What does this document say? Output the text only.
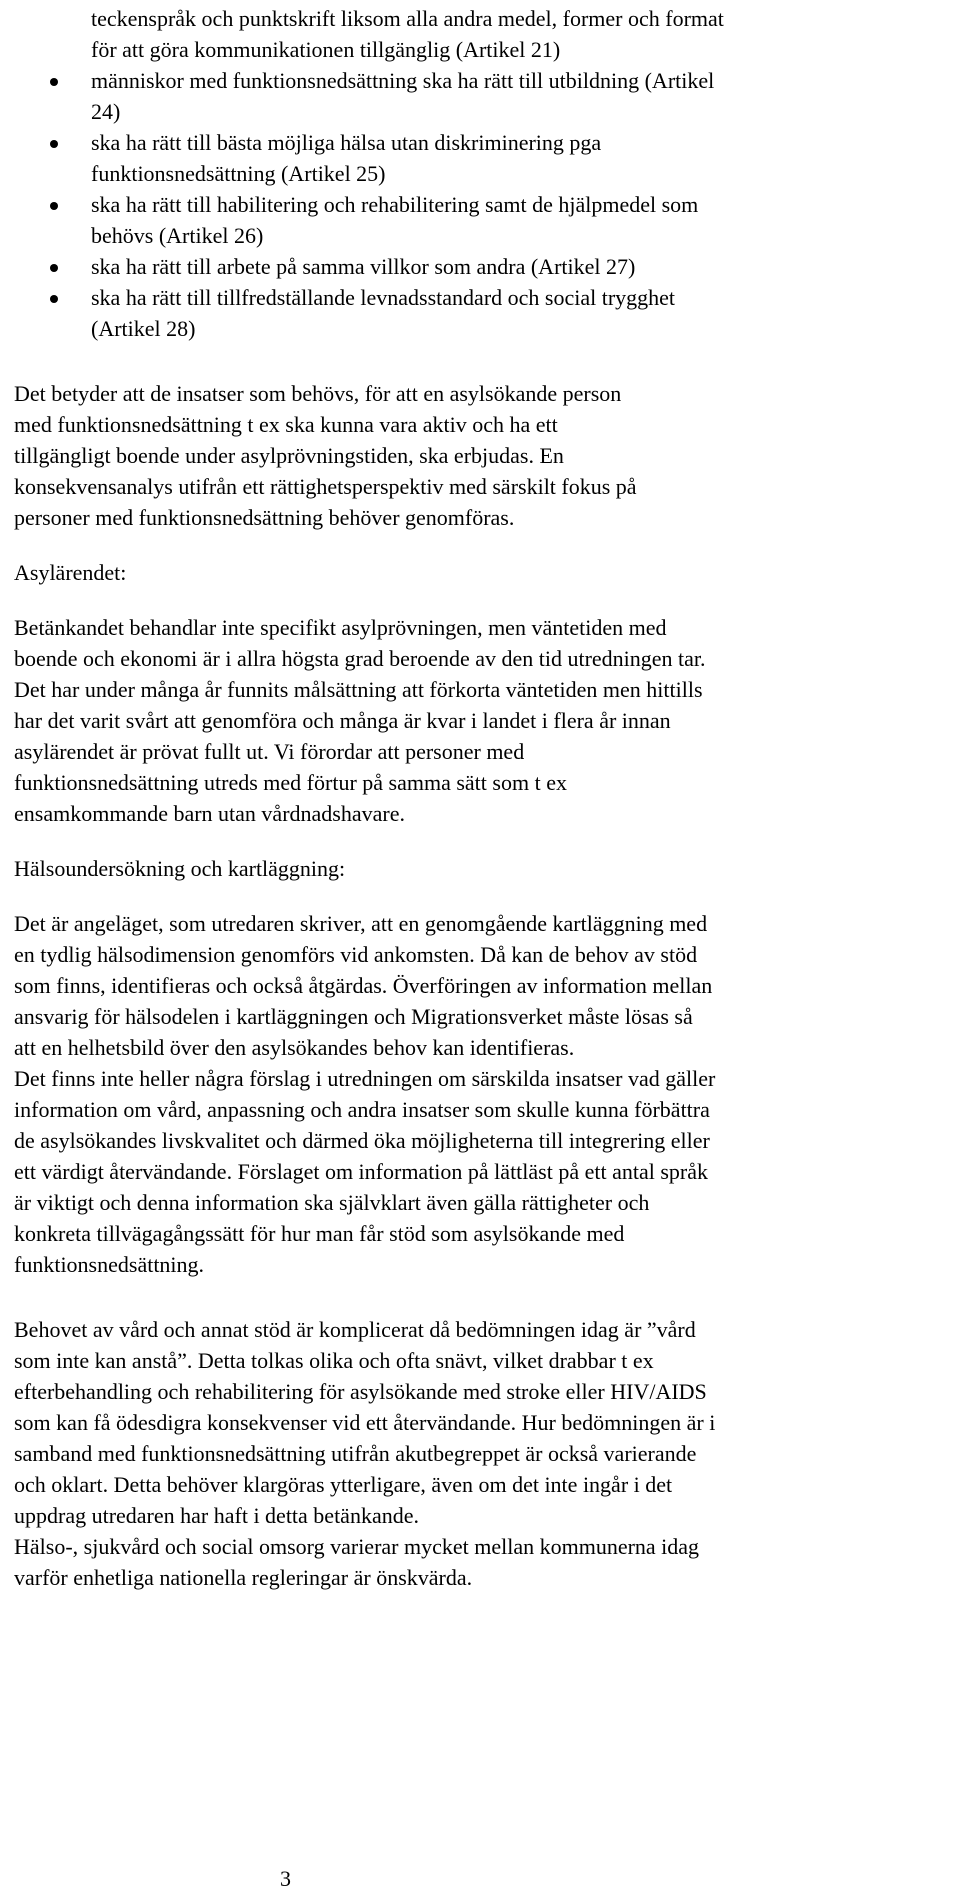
teckenspråk och punktskrift liksom alla andra medel, former och format
för att göra kommunikationen tillgänglig (Artikel 21)
människor med funktionsnedsättning ska ha rätt till utbildning (Artikel
24)
ska ha rätt till bästa möjliga hälsa utan diskriminering pga
funktionsnedsättning (Artikel 25)
ska ha rätt till habilitering och rehabilitering samt de hjälpmedel som
behövs (Artikel 26)
ska ha rätt till arbete på samma villkor som andra (Artikel 27)
ska ha rätt till tillfredställande levnadsstandard och social trygghet
(Artikel 28)
Det betyder att de insatser som behövs, för att en asylsökande person
med funktionsnedsättning t ex ska kunna vara aktiv och ha ett
tillgängligt boende under asylprövningstiden, ska erbjudas. En
konsekvensanalys utifrån ett rättighetsperspektiv med särskilt fokus på
personer med funktionsnedsättning behöver genomföras.
Asylärendet:
Betänkandet behandlar inte specifikt asylprövningen, men väntetiden med
boende och ekonomi är i allra högsta grad beroende av den tid utredningen tar.
Det har under många år funnits målsättning att förkorta väntetiden men hittills
har det varit svårt att genomföra och många är kvar i landet i flera år innan
asylärendet är prövat fullt ut. Vi förordar att personer med
funktionsnedsättning utreds med förtur på samma sätt som t ex
ensamkommande barn utan vårdnadshavare.
Hälsoundersökning och kartläggning:
Det är angeläget, som utredaren skriver, att en genomgående kartläggning med
en tydlig hälsodimension genomförs vid ankomsten. Då kan de behov av stöd
som finns, identifieras och också åtgärdas. Överföringen av information mellan
ansvarig för hälsodelen i kartläggningen och Migrationsverket måste lösas så
att en helhetsbild över den asylsökandes behov kan identifieras.
Det finns inte heller några förslag i utredningen om särskilda insatser vad gäller
information om vård, anpassning och andra insatser som skulle kunna förbättra
de asylsökandes livskvalitet och därmed öka möjligheterna till integrering eller
ett värdigt återvändande. Förslaget om information på lättläst på ett antal språk
är viktigt och denna information ska självklart även gälla rättigheter och
konkreta tillvägagångssätt för hur man får stöd som asylsökande med
funktionsnedsättning.
Behovet av vård och annat stöd är komplicerat då bedömningen idag är ”vård
som inte kan anstå”. Detta tolkas olika och ofta snävt, vilket drabbar t ex
efterbehandling och rehabilitering för asylsökande med stroke eller HIV/AIDS
som kan få ödesdigra konsekvenser vid ett återvändande. Hur bedömningen är i
samband med funktionsnedsättning utifrån akutbegreppet är också varierande
och oklart. Detta behöver klargöras ytterligare, även om det inte ingår i det
uppdrag utredaren har haft i detta betänkande.
Hälso-, sjukvård och social omsorg varierar mycket mellan kommunerna idag
varför enhetliga nationella regleringar är önskvärda.
3
